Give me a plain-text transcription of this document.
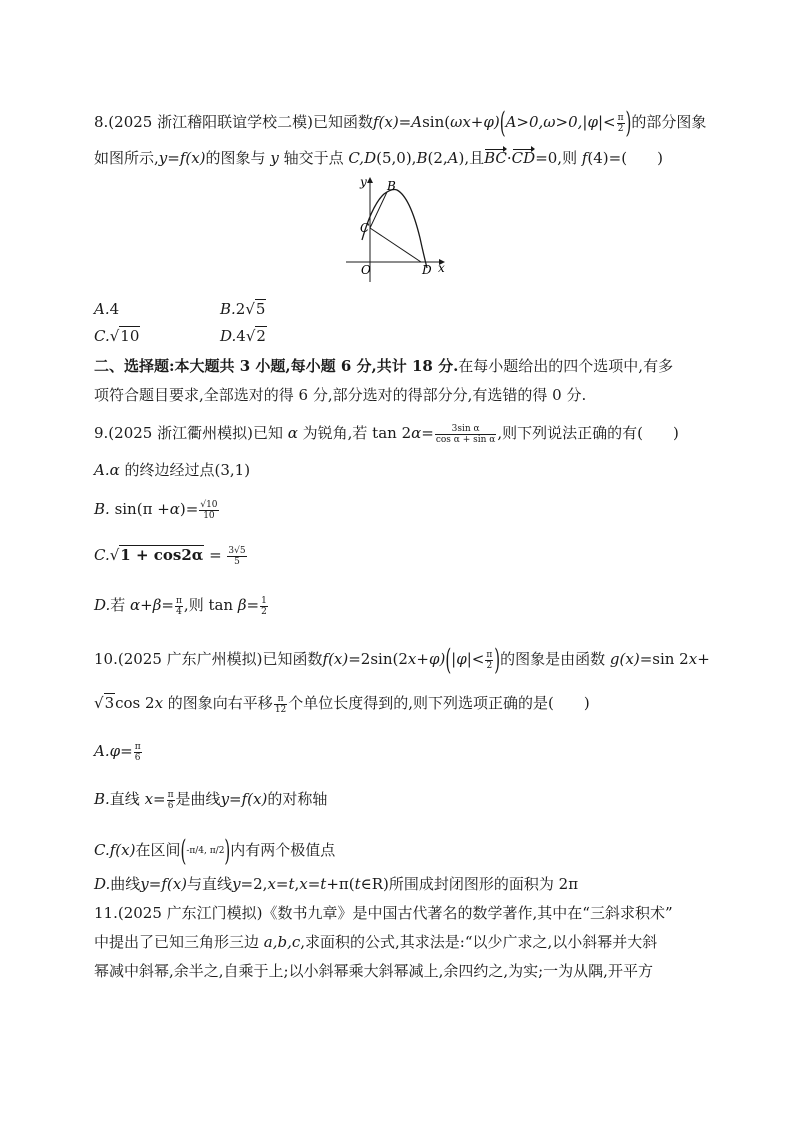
8.(2025 浙江稽阳联谊学校二模)已知函数$f(x)=Asin(\omega x+\varphi)(A>0,\omega>0,|\varphi|< \frac{\pi}{2}$ )的部分图象
如图所示,y=f(x)的图象与 y 轴交于点 C,D(5,0),B(2,A),且BC·CD=0,则 f(4)=(　　)
y
x
O
B
C
D
A.4	B.2√5
C.√10	D.4√2
二、选择题:本大题共 3 小题,每小题 6 分,共计 18 分.在每小题给出的四个选项中,有多
项符合题目要求,全部选对的得 6 分,部分选对的得部分分,有选错的得 0 分.
9.(2025 浙江衢州模拟)已知 α 为锐角,若 $\tan 2\alpha= \frac{\text{3sin α}}{\text{cos α + sin α}}$ ,则下列说法正确的有(　　)
A.α 的终边经过点(3,1)
B. $\sin(\pi +\alpha)= \frac{√10}{10}$
$C.√1 + \cos 2\alpha = \frac{3√5}{5}$
D.若 $\alpha+\beta= \frac{\pi}{4}$ ,则 $\tan \beta= \frac{1}{2}$
10.(2025 广东广州模拟)已知函数$f(x)=2\sin(2x+\varphi)(|\varphi|< \frac{\pi}{2}$ )的图象是由函数 g(x)=sin 2x+
√3cos 2x 的图象向右平移 $\frac{\pi}{12}$ 个单位长度得到的,则下列选项正确的是(　　)
$A.\varphi= \frac{\pi}{6}$
B.直线 $x= \frac{\pi}{6}$ 是曲线y=f(x)的对称轴
C.f(x)在区间(-π/4, π/2)内有两个极值点
D.曲线y=f(x)与直线y=2,x=t,x=t+π(t∈R)所围成封闭图形的面积为 2π
11.(2025 广东江门模拟)《数书九章》是中国古代著名的数学著作,其中在“三斜求积术”
中提出了已知三角形三边 a,b,c,求面积的公式,其求法是:“以少广求之,以小斜幂并大斜
幂减中斜幂,余半之,自乘于上;以小斜幂乘大斜幂减上,余四约之,为实;一为从隅,开平方
